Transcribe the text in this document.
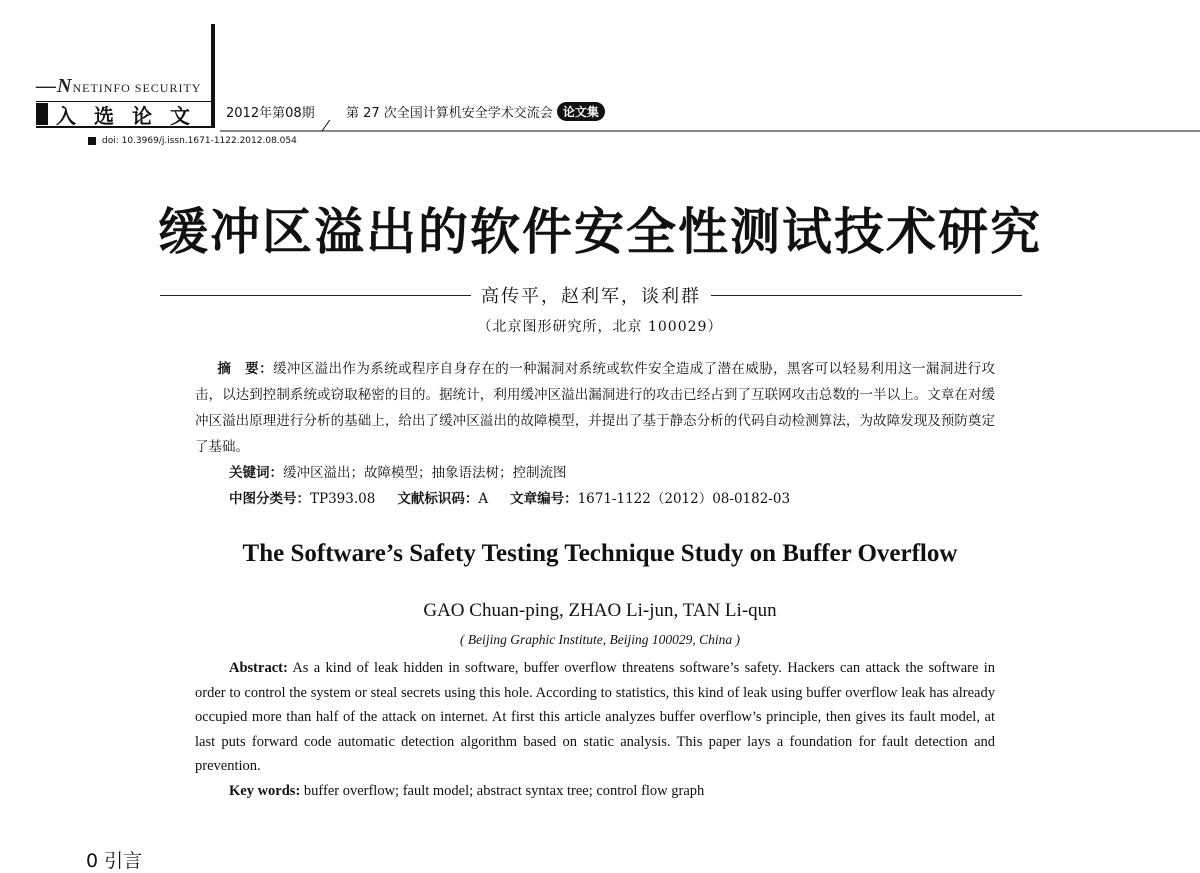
—NNETINFO SECURITY
入选论文 2012年第08期 第 27 次全国计算机安全学术交流会 论文集
doi: 10.3969/j.issn.1671-1122.2012.08.054
缓冲区溢出的软件安全性测试技术研究
高传平，赵利军，谈利群
（北京图形研究所，北京 100029）

摘　要：缓冲区溢出作为系统或程序自身存在的一种漏洞对系统或软件安全造成了潜在威胁，黑客可以轻易利用这一漏洞进行攻击，以达到控制系统或窃取秘密的目的。据统计，利用缓冲区溢出漏洞进行的攻击已经占到了互联网攻击总数的一半以上。文章在对缓冲区溢出原理进行分析的基础上，给出了缓冲区溢出的故障模型，并提出了基于静态分析的代码自动检测算法，为故障发现及预防奠定了基础。

关键词：缓冲区溢出；故障模型；抽象语法树；控制流图
中图分类号：TP393.08 文献标识码：A 文章编号：1671-1122（2012）08-0182-03
The Software’s Safety Testing Technique Study on Buffer Overflow
GAO Chuan-ping, ZHAO Li-jun, TAN Li-qun
( Beijing Graphic Institute, Beijing 100029, China )

Abstract: As a kind of leak hidden in software, buffer overflow threatens software’s safety. Hackers can attack the software in order to control the system or steal secrets using this hole. According to statistics, this kind of leak using buffer overflow leak has already occupied more than half of the attack on internet. At first this article analyzes buffer overflow’s principle, then gives its fault model, at last puts forward code automatic detection algorithm based on static analysis. This paper lays a foundation for fault detection and prevention.

Key words: buffer overflow; fault model; abstract syntax tree; control flow graph
0 引言
